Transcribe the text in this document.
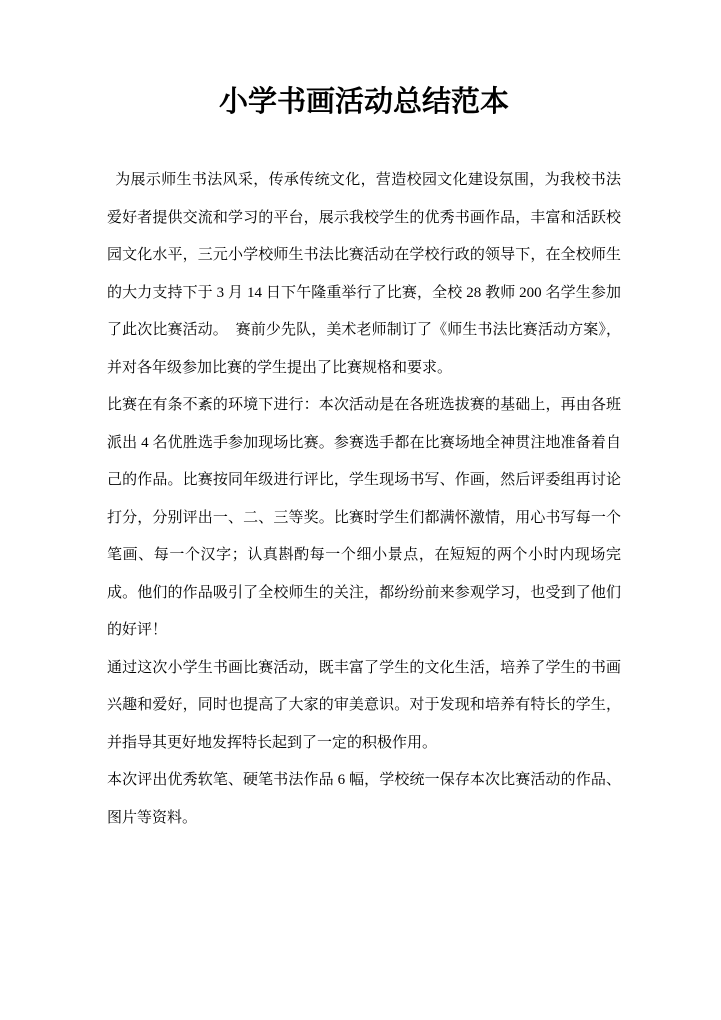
小学书画活动总结范本

为展示师生书法风采，传承传统文化，营造校园文化建设氛围，为我校书法爱好者提供交流和学习的平台，展示我校学生的优秀书画作品，丰富和活跃校园文化水平，三元小学校师生书法比赛活动在学校行政的领导下，在全校师生的大力支持下于 3 月 14 日下午隆重举行了比赛，全校 28 教师 200 名学生参加了此次比赛活动。  赛前少先队，美术老师制订了《师生书法比赛活动方案》，并对各年级参加比赛的学生提出了比赛规格和要求。

比赛在有条不紊的环境下进行：本次活动是在各班选拔赛的基础上，再由各班派出 4 名优胜选手参加现场比赛。参赛选手都在比赛场地全神贯注地准备着自己的作品。比赛按同年级进行评比，学生现场书写、作画，然后评委组再讨论打分，分别评出一、二、三等奖。比赛时学生们都满怀激情，用心书写每一个笔画、每一个汉字；认真斟酌每一个细小景点，在短短的两个小时内现场完成。他们的作品吸引了全校师生的关注，都纷纷前来参观学习，也受到了他们的好评！

通过这次小学生书画比赛活动，既丰富了学生的文化生活，培养了学生的书画兴趣和爱好，同时也提高了大家的审美意识。对于发现和培养有特长的学生，并指导其更好地发挥特长起到了一定的积极作用。

本次评出优秀软笔、硬笔书法作品 6 幅，学校统一保存本次比赛活动的作品、图片等资料。
